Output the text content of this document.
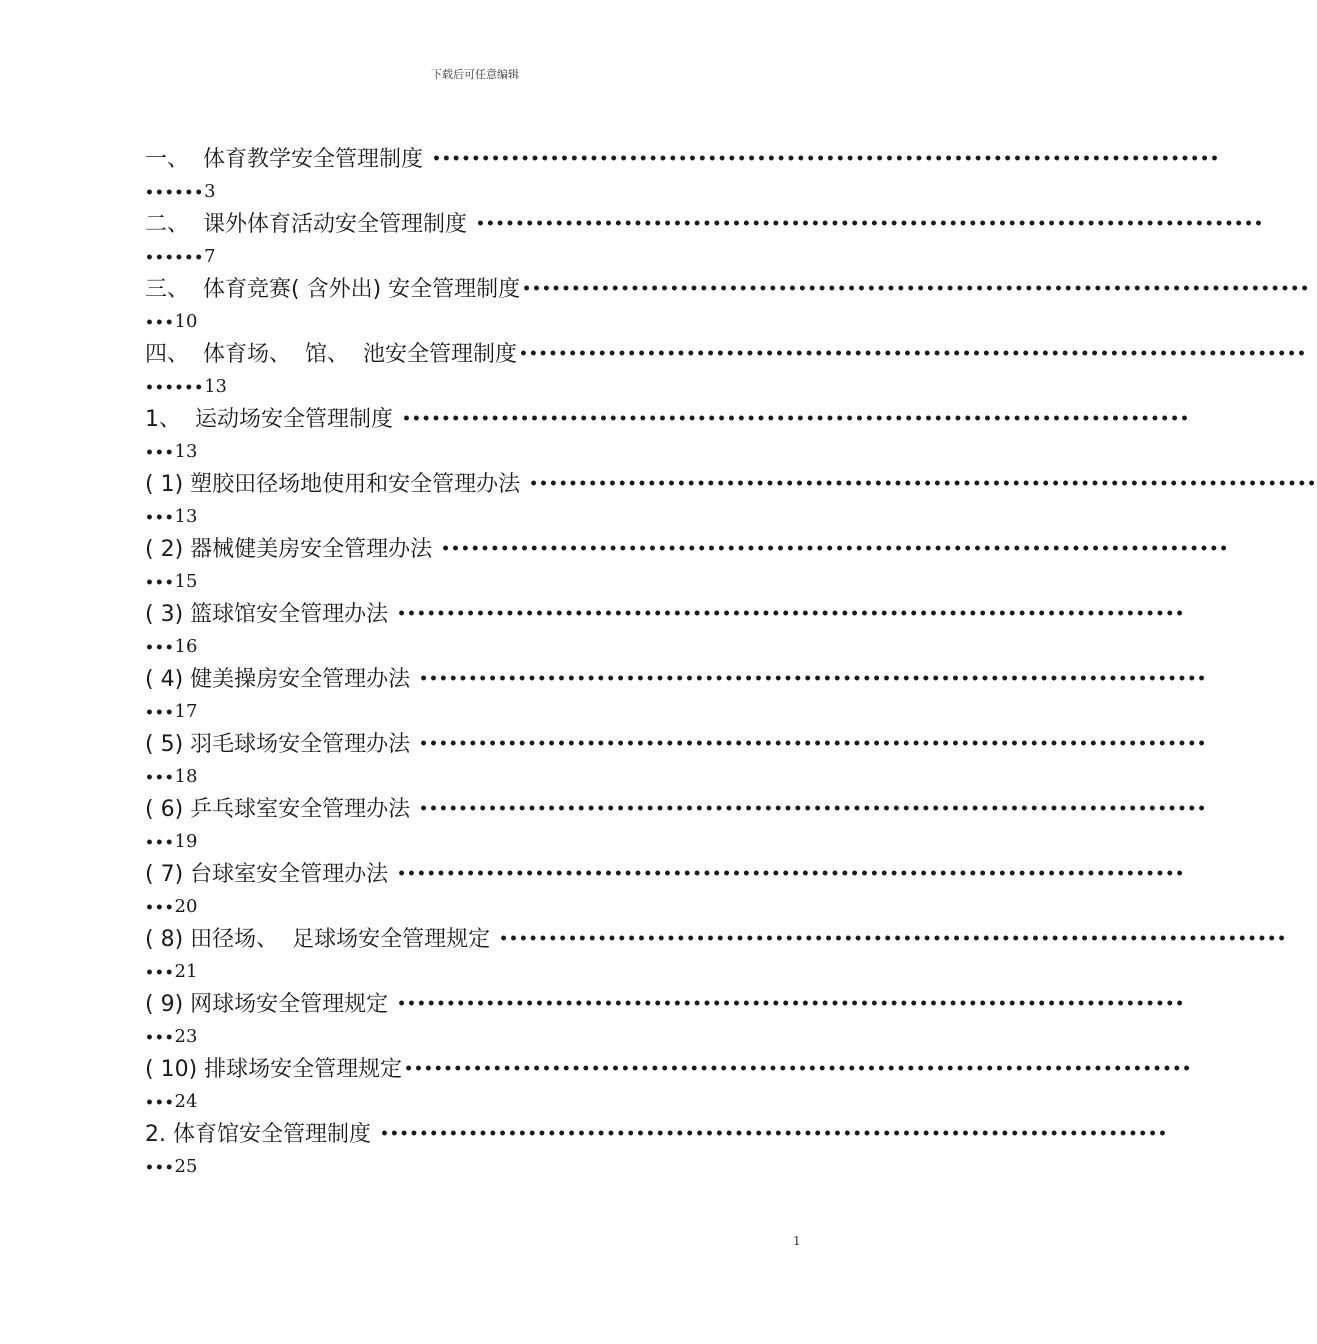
下载后可任意编辑
一、  体育教学安全管理制度 ••••••••••••••••••••••••••••••••••••••••••••••••••••••••••••••••••••••••••••••••
••••••3
二、  课外体育活动安全管理制度 ••••••••••••••••••••••••••••••••••••••••••••••••••••••••••••••••••••••••••••••••
••••••7
三、  体育竞赛( 含外出) 安全管理制度 ••••••••••••••••••••••••••••••••••••••••••••••••••••••••••••••••••••••••••••••••
•••10
四、  体育场、  馆、  池安全管理制度 ••••••••••••••••••••••••••••••••••••••••••••••••••••••••••••••••••••••••••••••••
••••••13
1、  运动场安全管理制度 ••••••••••••••••••••••••••••••••••••••••••••••••••••••••••••••••••••••••••••••••
•••13
( 1) 塑胶田径场地使用和安全管理办法 ••••••••••••••••••••••••••••••••••••••••••••••••••••••••••••••••••••••••••••••••
•••13
( 2) 器械健美房安全管理办法 ••••••••••••••••••••••••••••••••••••••••••••••••••••••••••••••••••••••••••••••••
•••15
( 3) 篮球馆安全管理办法 ••••••••••••••••••••••••••••••••••••••••••••••••••••••••••••••••••••••••••••••••
•••16
( 4) 健美操房安全管理办法 ••••••••••••••••••••••••••••••••••••••••••••••••••••••••••••••••••••••••••••••••
•••17
( 5) 羽毛球场安全管理办法 ••••••••••••••••••••••••••••••••••••••••••••••••••••••••••••••••••••••••••••••••
•••18
( 6) 乒乓球室安全管理办法 ••••••••••••••••••••••••••••••••••••••••••••••••••••••••••••••••••••••••••••••••
•••19
( 7) 台球室安全管理办法 ••••••••••••••••••••••••••••••••••••••••••••••••••••••••••••••••••••••••••••••••
•••20
( 8) 田径场、  足球场安全管理规定 ••••••••••••••••••••••••••••••••••••••••••••••••••••••••••••••••••••••••••••••••
•••21
( 9) 网球场安全管理规定 ••••••••••••••••••••••••••••••••••••••••••••••••••••••••••••••••••••••••••••••••
•••23
( 10) 排球场安全管理规定 ••••••••••••••••••••••••••••••••••••••••••••••••••••••••••••••••••••••••••••••••
•••24
2. 体育馆安全管理制度 ••••••••••••••••••••••••••••••••••••••••••••••••••••••••••••••••••••••••••••••••
•••25
1
